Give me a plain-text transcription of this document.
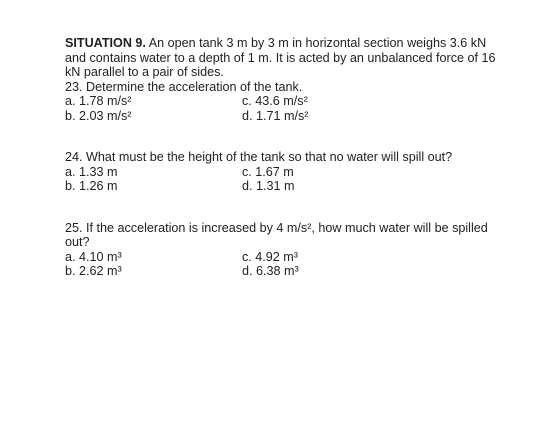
SITUATION 9. An open tank 3 m by 3 m in horizontal section weighs 3.6 kN and contains water to a depth of 1 m. It is acted by an unbalanced force of 16 kN parallel to a pair of sides.

23. Determine the acceleration of the tank.

a. 1.78 m/s²	c. 43.6 m/s²
b. 2.03 m/s²	d. 1.71 m/s²

24. What must be the height of the tank so that no water will spill out?

a. 1.33 m	c. 1.67 m
b. 1.26 m	d. 1.31 m

25. If the acceleration is increased by 4 m/s², how much water will be spilled out?

a. 4.10 m³	c. 4.92 m³
b. 2.62 m³	d. 6.38 m³
